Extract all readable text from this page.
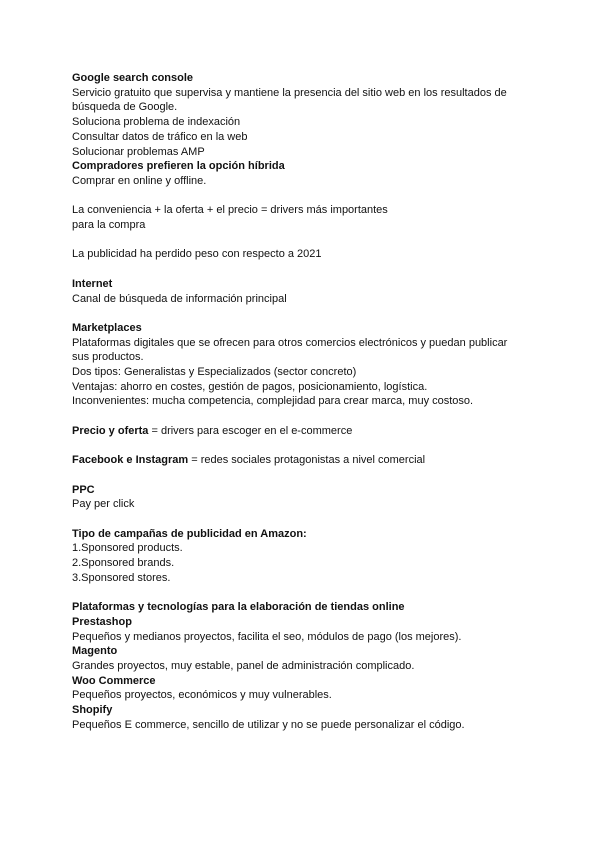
Google search console
Servicio gratuito que supervisa y mantiene la presencia del sitio web en los resultados de
búsqueda de Google.
Soluciona problema de indexación
Consultar datos de tráfico en la web
Solucionar problemas AMP
Compradores prefieren la opción híbrida
Comprar en online y offline.
La conveniencia + la oferta + el precio = drivers más importantes
para la compra
La publicidad ha perdido peso con respecto a 2021
Internet
Canal de búsqueda de información principal
Marketplaces
Plataformas digitales que se ofrecen para otros comercios electrónicos y puedan publicar
sus productos.
Dos tipos: Generalistas y Especializados (sector concreto)
Ventajas: ahorro en costes, gestión de pagos, posicionamiento, logística.
Inconvenientes: mucha competencia, complejidad para crear marca, muy costoso.
Precio y oferta = drivers para escoger en el e-commerce
Facebook e Instagram = redes sociales protagonistas a nivel comercial
PPC
Pay per click
Tipo de campañas de publicidad en Amazon:
1.Sponsored products.
2.Sponsored brands.
3.Sponsored stores.
Plataformas y tecnologías para la elaboración de tiendas online
Prestashop
Pequeños y medianos proyectos, facilita el seo, módulos de pago (los mejores).
Magento
Grandes proyectos, muy estable, panel de administración complicado.
Woo Commerce
Pequeños proyectos, económicos y muy vulnerables.
Shopify
Pequeños E commerce, sencillo de utilizar y no se puede personalizar el código.
